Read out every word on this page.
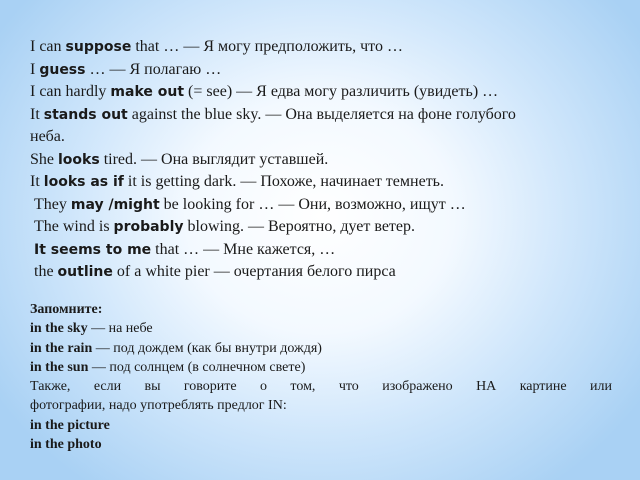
I can suppose that … — Я могу предположить, что …

I guess … — Я полагаю …

I can hardly make out (= see) — Я едва могу различить (увидеть) …

It stands out against the blue sky. — Она выделяется на фоне голубого

неба.

She looks tired. — Она выглядит уставшей.

It looks as if it is getting dark. — Похоже, начинает темнеть.

They may /might be looking for … — Они, возможно, ищут …

The wind is probably blowing. — Вероятно, дует ветер.

It seems to me that … — Мне кажется, …

the outline of a white pier — очертания белого пирса

Запомните:

in the sky — на небе

in the rain — под дождем (как бы внутри дождя)

in the sun — под солнцем (в солнечном свете)

Также, если вы говорите о том, что изображено НА картине или

фотографии, надо употреблять предлог IN:

in the picture

in the photo
